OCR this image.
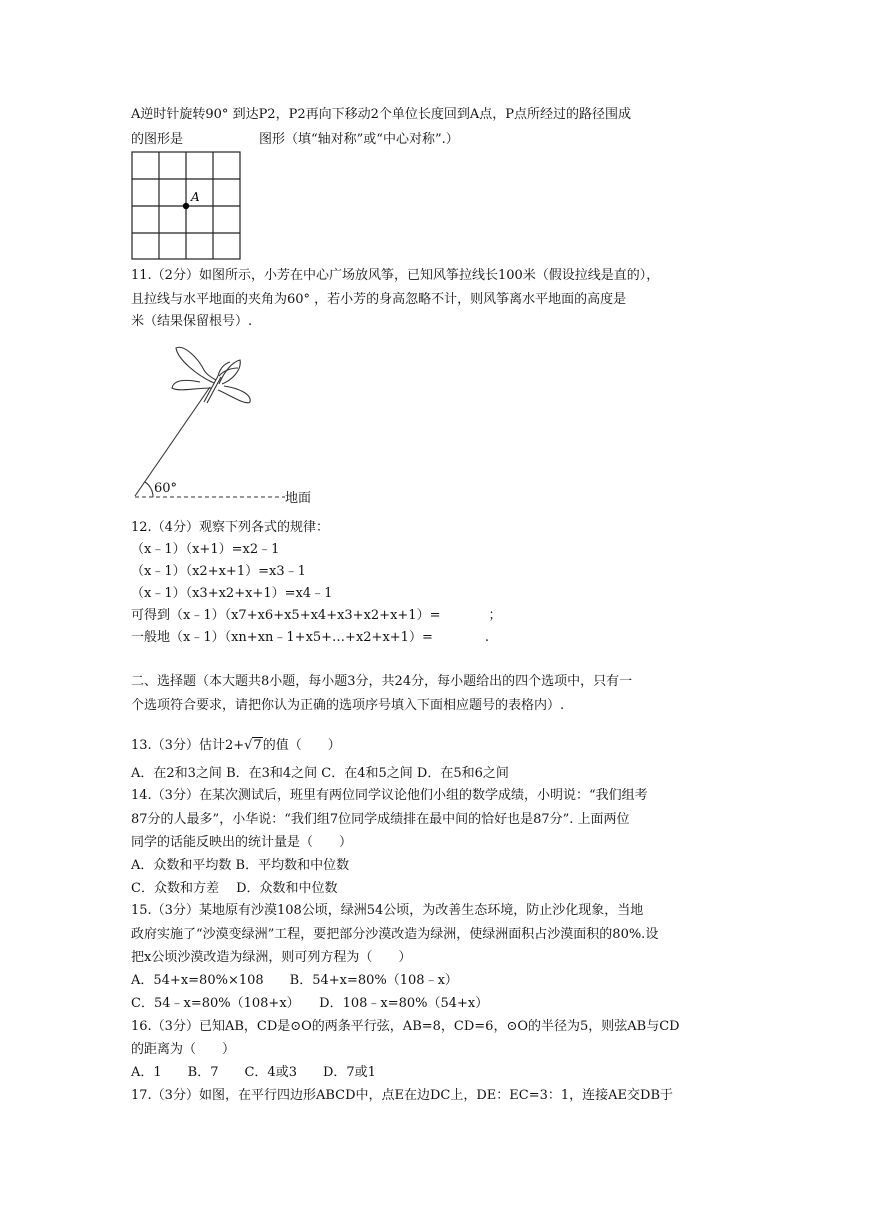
A逆时针旋转90° 到达P2，P2再向下移动2个单位长度回到A点，P点所经过的路径围成
的图形是	图形（填“轴对称”或“中心对称”.）
A
11.（2分）如图所示，小芳在中心广场放风筝，已知风筝拉线长100米（假设拉线是直的），
且拉线与水平地面的夹角为60° ，若小芳的身高忽略不计，则风筝离水平地面的高度是
米（结果保留根号）.
60°
地面
12.（4分）观察下列各式的规律：
（x﹣1）（x+1）=x2﹣1
（x﹣1）（x2+x+1）=x3﹣1
（x﹣1）（x3+x2+x+1）=x4﹣1
可得到（x﹣1）（x7+x6+x5+x4+x3+x2+x+1）=	；
一般地（x﹣1）（xn+xn﹣1+x5+…+x2+x+1）=	.
二、选择题（本大题共8小题，每小题3分，共24分，每小题给出的四个选项中，只有一
个选项符合要求，请把你认为正确的选项序号填入下面相应题号的表格内）.
13.（3分）估计2+√7的值（　　）
A．在2和3之间 B．在3和4之间 C．在4和5之间 D．在5和6之间
14.（3分）在某次测试后，班里有两位同学议论他们小组的数学成绩，小明说：“我们组考
87分的人最多”，小华说：“我们组7位同学成绩排在最中间的恰好也是87分”. 上面两位
同学的话能反映出的统计量是（　　）
A．众数和平均数 B．平均数和中位数
C．众数和方差　 D．众数和中位数
15.（3分）某地原有沙漠108公顷，绿洲54公顷，为改善生态环境，防止沙化现象，当地
政府实施了“沙漠变绿洲”工程，要把部分沙漠改造为绿洲，使绿洲面积占沙漠面积的80%.设
把x公顷沙漠改造为绿洲，则可列方程为（　　）
A．54+x=80%×108　　B．54+x=80%（108﹣x）
C．54﹣x=80%（108+x）　　D．108﹣x=80%（54+x）
16.（3分）已知AB，CD是⊙O的两条平行弦，AB=8，CD=6，⊙O的半径为5，则弦AB与CD
的距离为（　　）
A．1　　B．7　　C．4或3　　D．7或1
17.（3分）如图，在平行四边形ABCD中，点E在边DC上，DE：EC=3：1，连接AE交DB于
